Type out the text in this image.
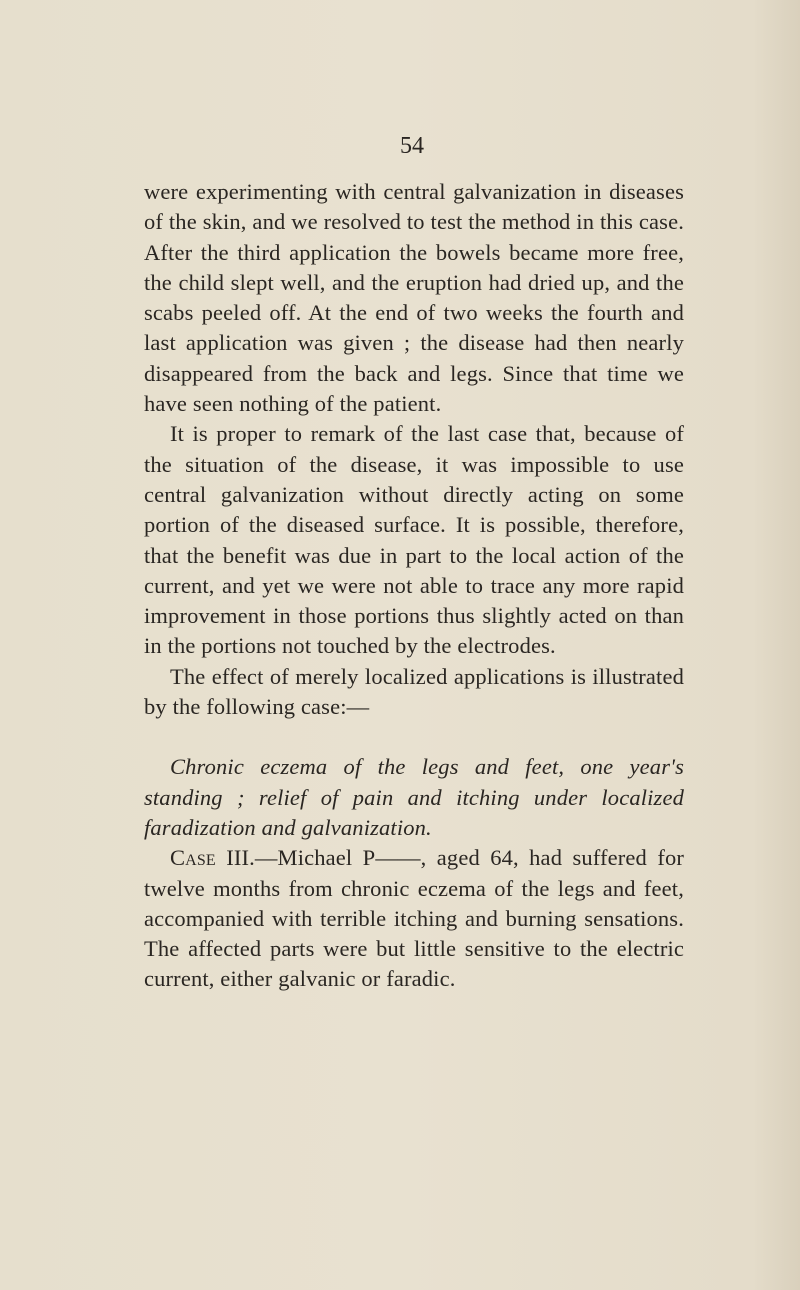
54

were experimenting with central galvanization in diseases of the skin, and we resolved to test the method in this case. After the third application the bowels became more free, the child slept well, and the eruption had dried up, and the scabs peeled off. At the end of two weeks the fourth and last application was given ; the disease had then nearly disappeared from the back and legs. Since that time we have seen nothing of the patient.

It is proper to remark of the last case that, because of the situation of the disease, it was impossible to use central galvanization without directly acting on some portion of the diseased surface. It is possible, therefore, that the benefit was due in part to the local action of the current, and yet we were not able to trace any more rapid improvement in those portions thus slightly acted on than in the portions not touched by the electrodes.

The effect of merely localized applications is illustrated by the following case:—

Chronic eczema of the legs and feet, one year's standing ; relief of pain and itching under localized faradization and galvanization.

Case III.—Michael P——, aged 64, had suffered for twelve months from chronic eczema of the legs and feet, accompanied with terrible itching and burning sensations. The affected parts were but little sensitive to the electric current, either galvanic or faradic.
